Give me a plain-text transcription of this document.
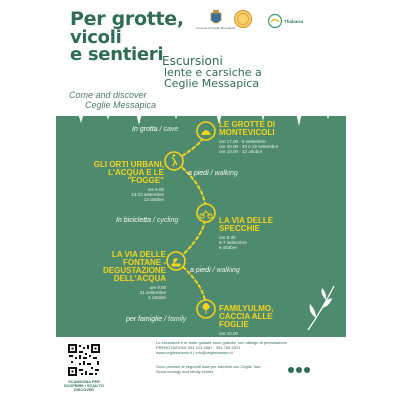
Per grotte,
vicoli
e sentieri
Comune di Ceglie Messapica
Thalassa
Escursioni
lente e carsiche a
Ceglie Messapica
Come and discover
Ceglie Messapica
In grotta / cave
LE GROTTE DI MONTEVICOLI
ore 17.00 - 8 settembre
ore 16.00 - 20 e 29 settembre
ore 10.00 - 12 ottobre
GLI ORTI URBANI, L'ACQUA E LE "FOGGE"
ore 9.00
14-23 settembre
13 ottobre
a piedi / walking
In bicicletta / cycling	LA VIA DELLE SPECCHIE
ore 8.30
6-7 settembre
6 ottobre
LA VIA DELLE FONTANE - DEGUSTAZIONE DELL'ACQUA
ore 9.00
21 settembre
5 ottobre
a piedi / walking
per famiglie / family
FAMILYULMO, CACCIA ALLE FOGLIE
ore 10.00
SCANSIONA PER SCOPRIRE / SCAN TO DISCOVER
Le escursioni e le visite guidate sono gratuite, con obbligo di prenotazione
PRENOTAZIONI: 391 123 4567 - 391 765 4321
www.ceglieturismo.it | info@ceglieturismo.it
Sono previste le seguenti date per bambini con Ceglie Tour
Scout ecology and family events
